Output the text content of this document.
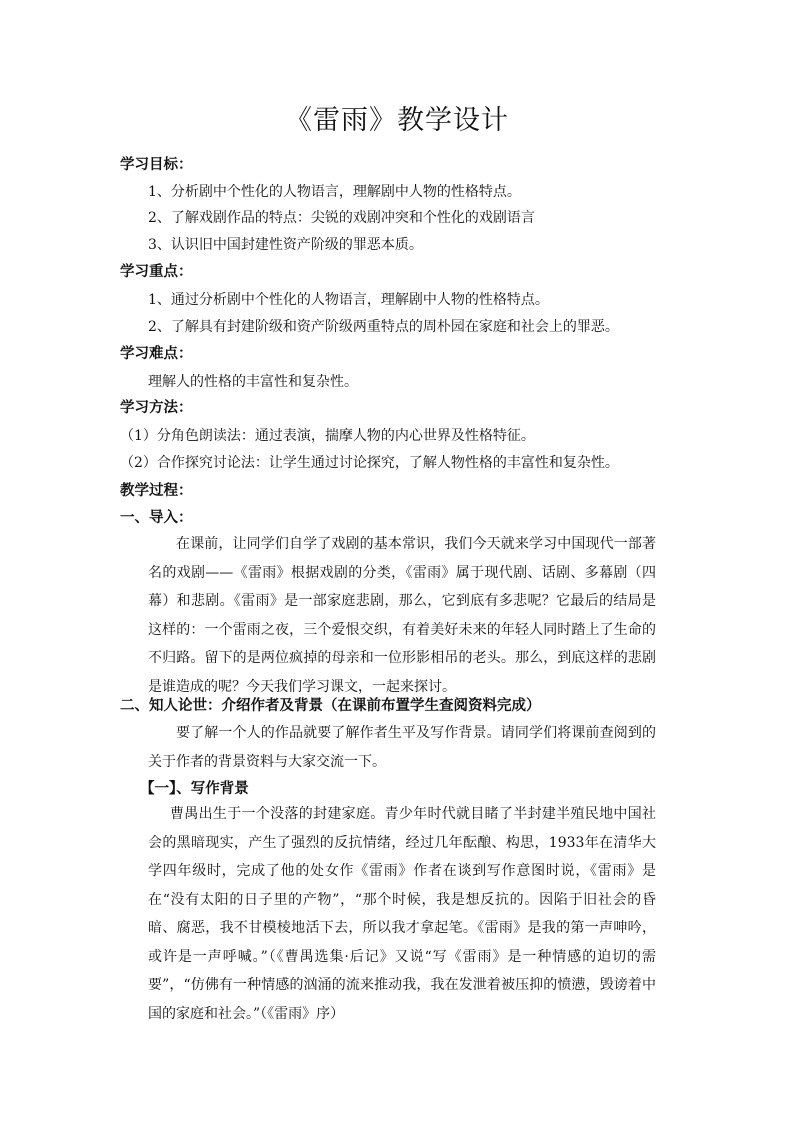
《雷雨》教学设计
学习目标：
1、分析剧中个性化的人物语言，理解剧中人物的性格特点。
2、了解戏剧作品的特点：尖锐的戏剧冲突和个性化的戏剧语言
3、认识旧中国封建性资产阶级的罪恶本质。
学习重点：
1、通过分析剧中个性化的人物语言，理解剧中人物的性格特点。
2、了解具有封建阶级和资产阶级两重特点的周朴园在家庭和社会上的罪恶。
学习难点：
理解人的性格的丰富性和复杂性。
学习方法：
（1）分角色朗读法：通过表演，揣摩人物的内心世界及性格特征。
（2）合作探究讨论法：让学生通过讨论探究，了解人物性格的丰富性和复杂性。
教学过程：
一、导入：

在课前，让同学们自学了戏剧的基本常识，我们今天就来学习中国现代一部著名的戏剧——《雷雨》根据戏剧的分类，《雷雨》属于现代剧、话剧、多幕剧（四幕）和悲剧。《雷雨》是一部家庭悲剧，那么，它到底有多悲呢？它最后的结局是这样的：一个雷雨之夜，三个爱恨交织，有着美好未来的年轻人同时踏上了生命的不归路。留下的是两位疯掉的母亲和一位形影相吊的老头。那么，到底这样的悲剧是谁造成的呢？今天我们学习课文，一起来探讨。

二、知人论世：介绍作者及背景（在课前布置学生查阅资料完成）

要了解一个人的作品就要了解作者生平及写作背景。请同学们将课前查阅到的关于作者的背景资料与大家交流一下。

【一】、写作背景

曹禺出生于一个没落的封建家庭。青少年时代就目睹了半封建半殖民地中国社会的黑暗现实，产生了强烈的反抗情绪，经过几年酝酿、构思，1933年在清华大学四年级时，完成了他的处女作《雷雨》作者在谈到写作意图时说，《雷雨》是在“没有太阳的日子里的产物”，“那个时候，我是想反抗的。因陷于旧社会的昏暗、腐恶，我不甘模棱地活下去，所以我才拿起笔。《雷雨》是我的第一声呻吟，或许是一声呼喊。”（《曹禺选集·后记》又说“写《雷雨》是一种情感的迫切的需要”，“仿佛有一种情感的汹涌的流来推动我，我在发泄着被压抑的愤懑，毁谤着中国的家庭和社会。”（《雷雨》序）
